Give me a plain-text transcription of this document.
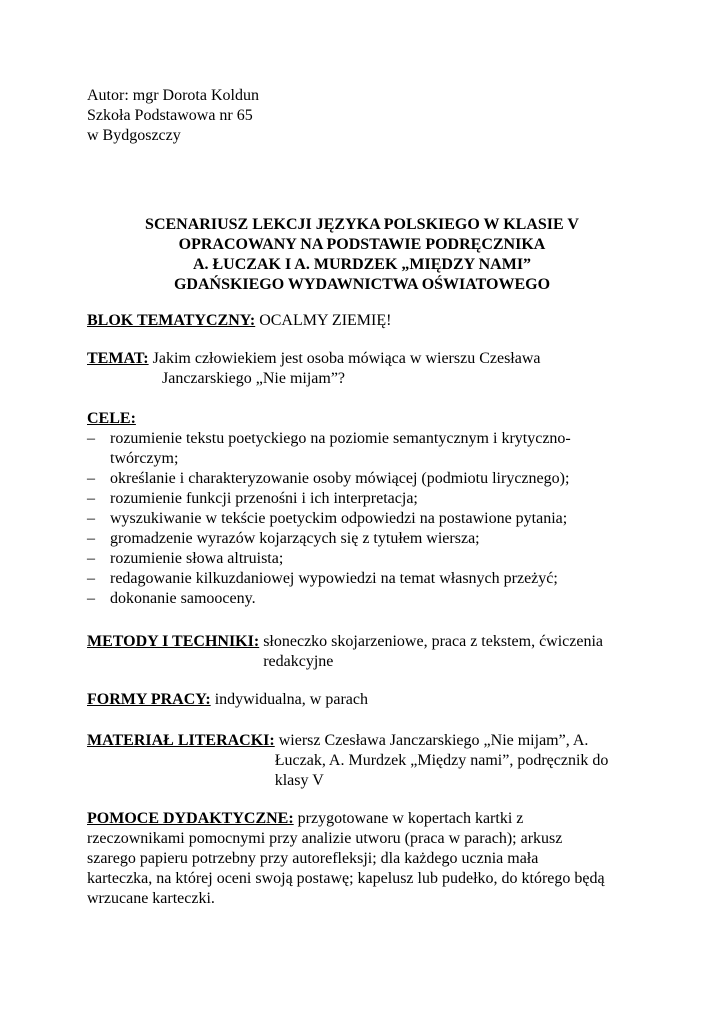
Autor: mgr Dorota Koldun
Szkoła Podstawowa nr 65
w Bydgoszczy
SCENARIUSZ LEKCJI JĘZYKA POLSKIEGO W KLASIE V
OPRACOWANY NA PODSTAWIE PODRĘCZNIKA
A. ŁUCZAK I A. MURDZEK „MIĘDZY NAMI”
GDAŃSKIEGO WYDAWNICTWA OŚWIATOWEGO
BLOK TEMATYCZNY: OCALMY ZIEMIĘ!
TEMAT: Jakim człowiekiem jest osoba mówiąca w wierszu Czesława
Janczarskiego „Nie mijam”?
CELE:
– rozumienie tekstu poetyckiego na poziomie semantycznym i krytyczno-
twórczym;
– określanie i charakteryzowanie osoby mówiącej (podmiotu lirycznego);
– rozumienie funkcji przenośni i ich interpretacja;
– wyszukiwanie w tekście poetyckim odpowiedzi na postawione pytania;
– gromadzenie wyrazów kojarzących się z tytułem wiersza;
– rozumienie słowa altruista;
– redagowanie kilkuzdaniowej wypowiedzi na temat własnych przeżyć;
– dokonanie samooceny.
METODY I TECHNIKI: słoneczko skojarzeniowe, praca z tekstem, ćwiczenia
redakcyjne
FORMY PRACY: indywidualna, w parach
MATERIAŁ LITERACKI: wiersz Czesława Janczarskiego „Nie mijam”, A.
Łuczak, A. Murdzek „Między nami”, podręcznik do
klasy V
POMOCE DYDAKTYCZNE: przygotowane w kopertach kartki z
rzeczownikami pomocnymi przy analizie utworu (praca w parach); arkusz
szarego papieru potrzebny przy autorefleksji; dla każdego ucznia mała
karteczka, na której oceni swoją postawę; kapelusz lub pudełko, do którego będą
wrzucane karteczki.
